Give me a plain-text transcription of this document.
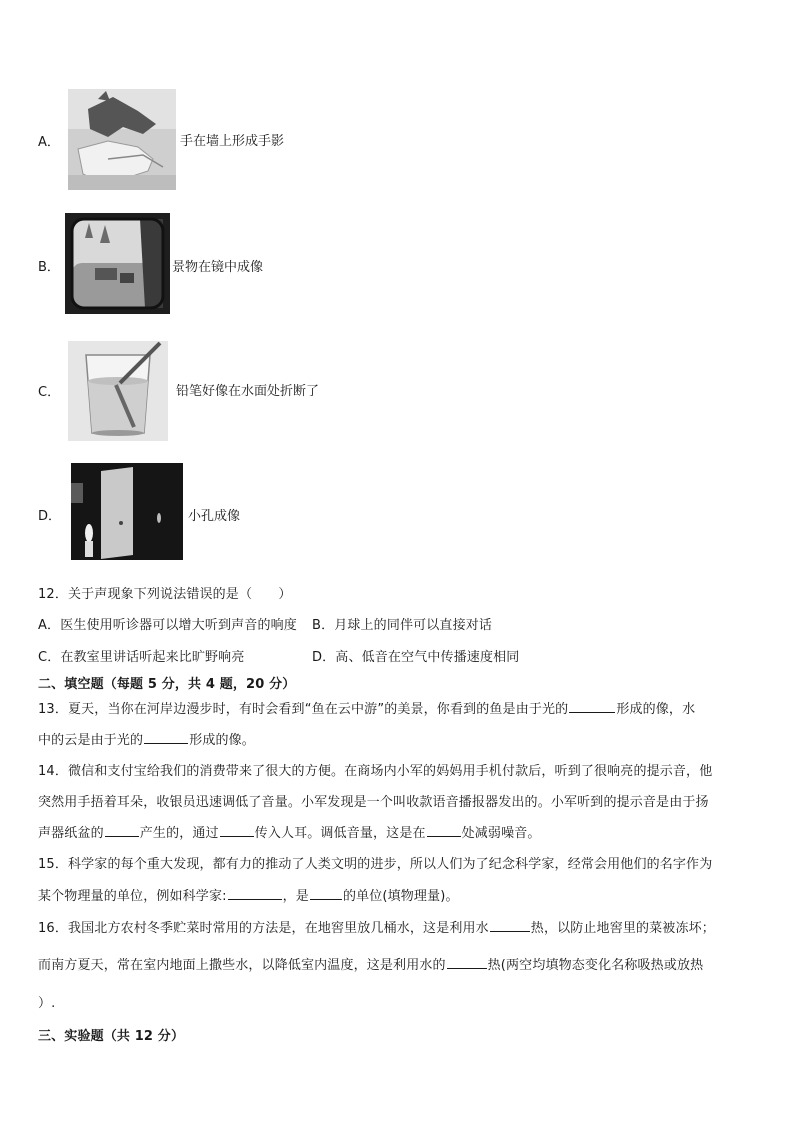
A．	手在墙上形成手影
B．	景物在镜中成像
C．	铅笔好像在水面处折断了
D．	小孔成像
12．关于声现象下列说法错误的是（　　）
A．医生使用听诊器可以增大听到声音的响度 B．月球上的同伴可以直接对话
C．在教室里讲话听起来比旷野响亮	D．高、低音在空气中传播速度相同
二、填空题（每题 5 分，共 4 题，20 分）
13．夏天，当你在河岸边漫步时，有时会看到“鱼在云中游”的美景，你看到的鱼是由于光的	形成的像，水
中的云是由于光的	形成的像。
14．微信和支付宝给我们的消费带来了很大的方便。在商场内小军的妈妈用手机付款后，听到了很响亮的提示音，他
突然用手捂着耳朵，收银员迅速调低了音量。小军发现是一个叫收款语音播报器发出的。小军听到的提示音是由于扬
声器纸盆的	产生的，通过	传入人耳。调低音量，这是在	处减弱噪音。
15．科学家的每个重大发现，都有力的推动了人类文明的进步，所以人们为了纪念科学家，经常会用他们的名字作为
某个物理量的单位，例如科学家:	，是	的单位(填物理量)。
16．我国北方农村冬季贮菜时常用的方法是，在地窖里放几桶水，这是利用水	热，以防止地窖里的菜被冻坏；
而南方夏天，常在室内地面上撒些水，以降低室内温度，这是利用水的	热(两空均填物态变化名称吸热或放热
）.
三、实验题（共 12 分）
